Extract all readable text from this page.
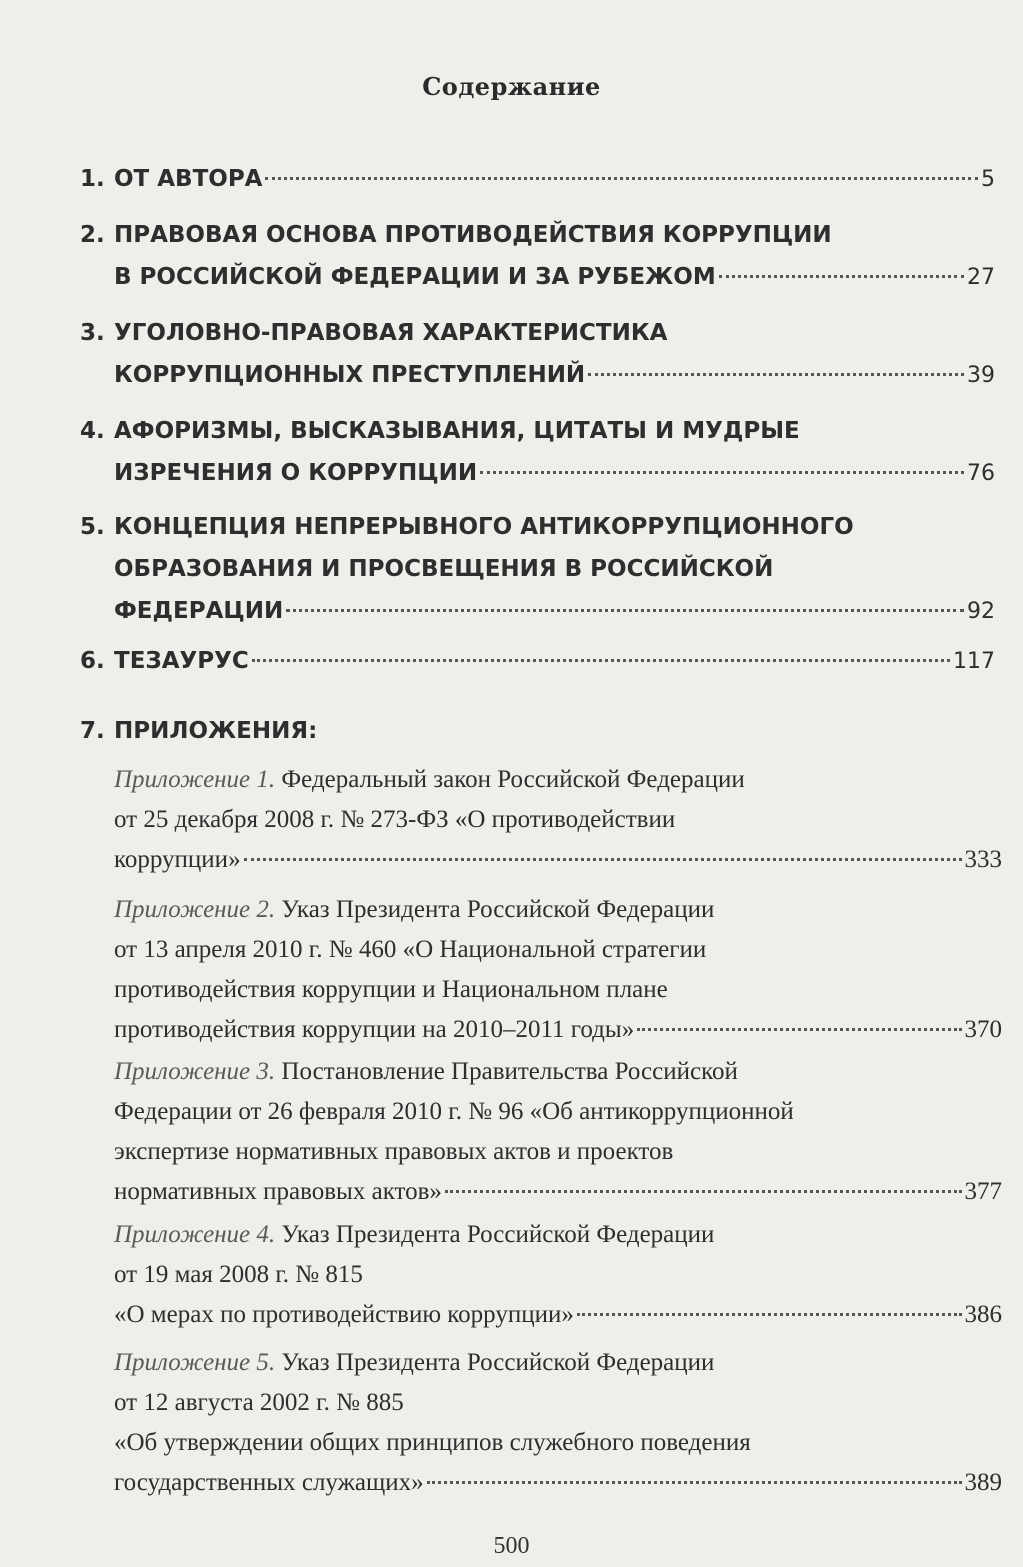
Содержание
1. ОТ АВТОРА	5
2. ПРАВОВАЯ ОСНОВА ПРОТИВОДЕЙСТВИЯ КОРРУПЦИИ
В РОССИЙСКОЙ ФЕДЕРАЦИИ И ЗА РУБЕЖОМ	27
3. УГОЛОВНО-ПРАВОВАЯ ХАРАКТЕРИСТИКА
КОРРУПЦИОННЫХ ПРЕСТУПЛЕНИЙ	39
4. АФОРИЗМЫ, ВЫСКАЗЫВАНИЯ, ЦИТАТЫ И МУДРЫЕ
ИЗРЕЧЕНИЯ О КОРРУПЦИИ	76
5. КОНЦЕПЦИЯ НЕПРЕРЫВНОГО АНТИКОРРУПЦИОННОГО
ОБРАЗОВАНИЯ И ПРОСВЕЩЕНИЯ В РОССИЙСКОЙ
ФЕДЕРАЦИИ	92
6. ТЕЗАУРУС	117
7. ПРИЛОЖЕНИЯ:
Приложение 1. Федеральный закон Российской Федерации
от 25 декабря 2008 г. № 273-ФЗ «О противодействии
коррупции»	333
Приложение 2. Указ Президента Российской Федерации
от 13 апреля 2010 г. № 460 «О Национальной стратегии
противодействия коррупции и Национальном плане
противодействия коррупции на 2010–2011 годы»	370
Приложение 3. Постановление Правительства Российской
Федерации от 26 февраля 2010 г. № 96 «Об антикоррупционной
экспертизе нормативных правовых актов и проектов
нормативных правовых актов»	377
Приложение 4. Указ Президента Российской Федерации
от 19 мая 2008 г. № 815
«О мерах по противодействию коррупции»	386
Приложение 5. Указ Президента Российской Федерации
от 12 августа 2002 г. № 885
«Об утверждении общих принципов служебного поведения
государственных служащих»	389
500
